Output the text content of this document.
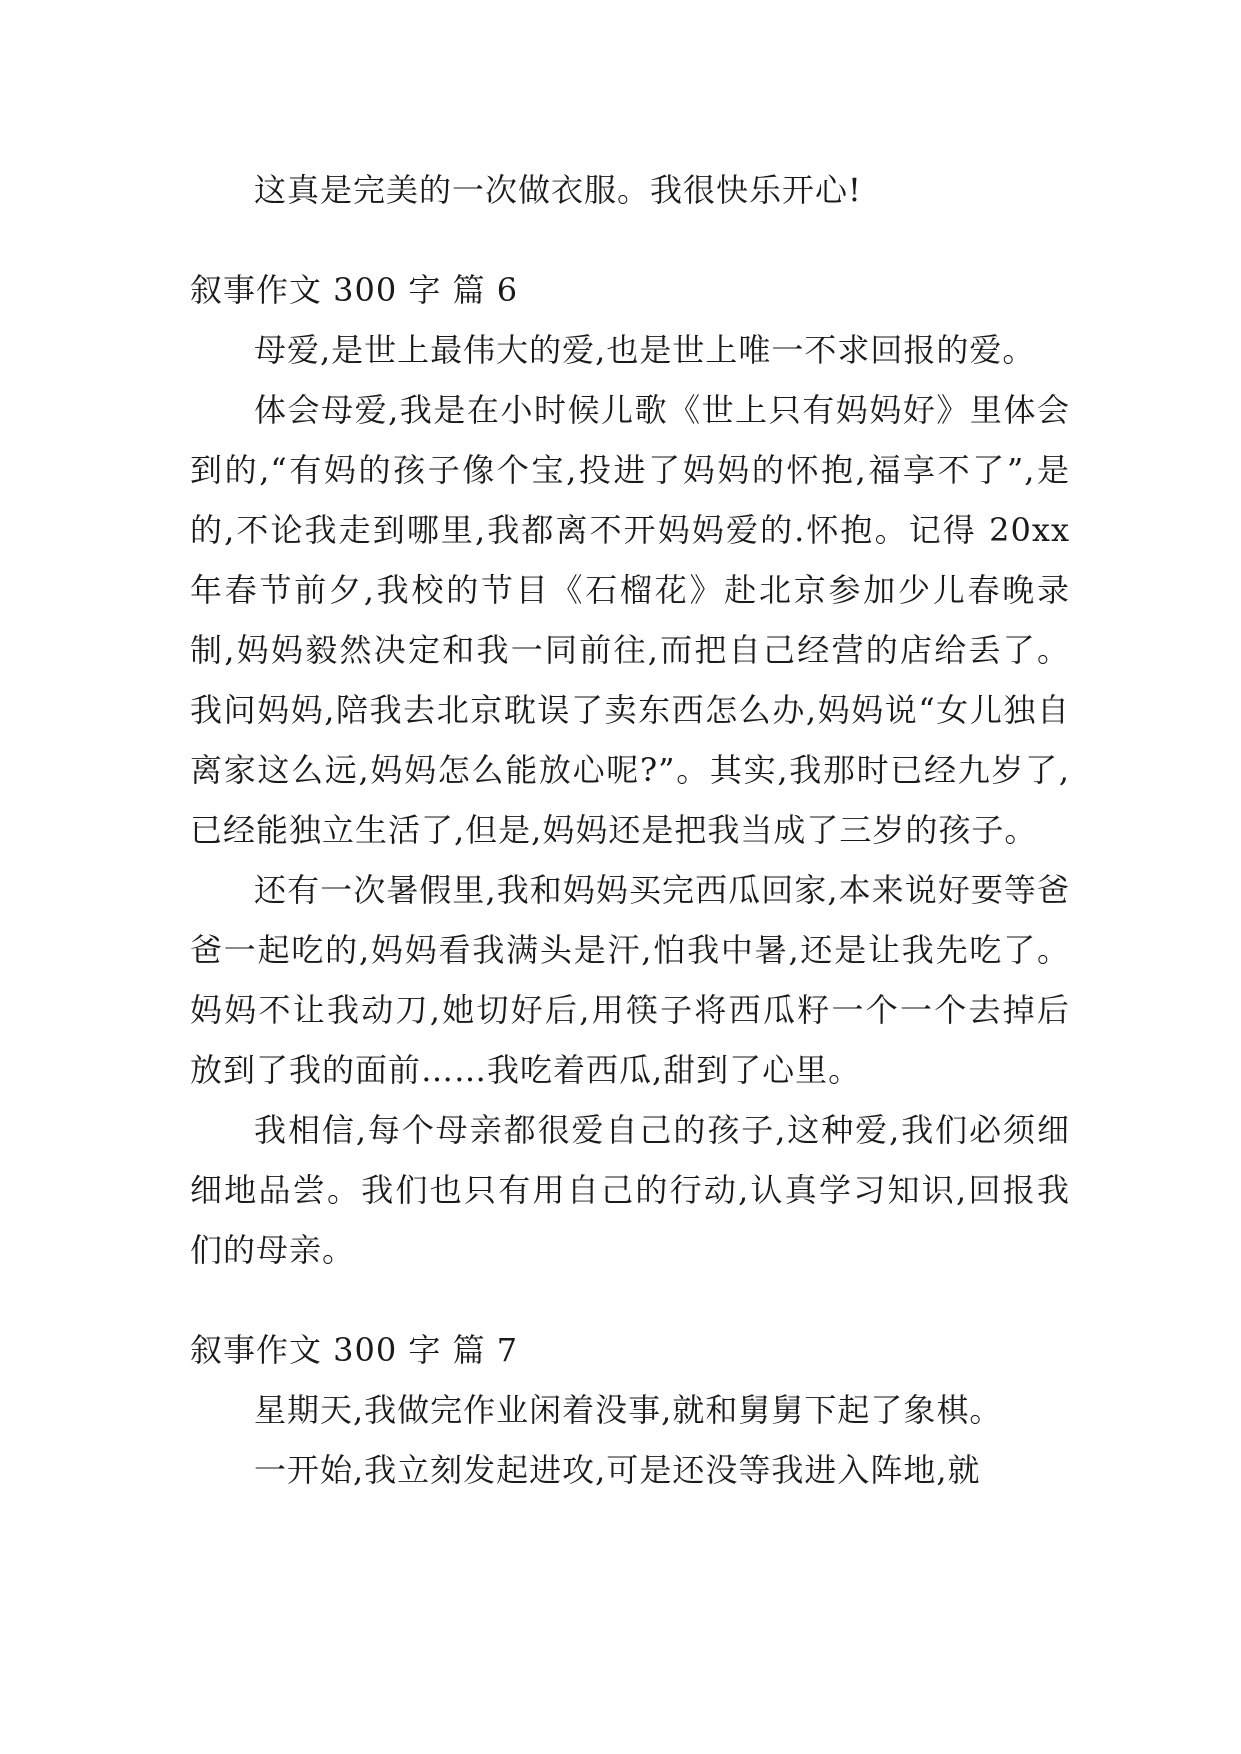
这真是完美的一次做衣服。我很快乐开心!

叙事作文 300 字 篇 6

母爱,是世上最伟大的爱,也是世上唯一不求回报的爱。

体会母爱,我是在小时候儿歌《世上只有妈妈好》里体会到的,“有妈的孩子像个宝,投进了妈妈的怀抱,福享不了”,是的,不论我走到哪里,我都离不开妈妈爱的.怀抱。记得 20xx 年春节前夕,我校的节目《石榴花》赴北京参加少儿春晚录制,妈妈毅然决定和我一同前往,而把自己经营的店给丢了。我问妈妈,陪我去北京耽误了卖东西怎么办,妈妈说“女儿独自离家这么远,妈妈怎么能放心呢?”。其实,我那时已经九岁了,已经能独立生活了,但是,妈妈还是把我当成了三岁的孩子。

还有一次暑假里,我和妈妈买完西瓜回家,本来说好要等爸爸一起吃的,妈妈看我满头是汗,怕我中暑,还是让我先吃了。妈妈不让我动刀,她切好后,用筷子将西瓜籽一个一个去掉后放到了我的面前……我吃着西瓜,甜到了心里。

我相信,每个母亲都很爱自己的孩子,这种爱,我们必须细细地品尝。我们也只有用自己的行动,认真学习知识,回报我们的母亲。

叙事作文 300 字 篇 7

星期天,我做完作业闲着没事,就和舅舅下起了象棋。

一开始,我立刻发起进攻,可是还没等我进入阵地,就
